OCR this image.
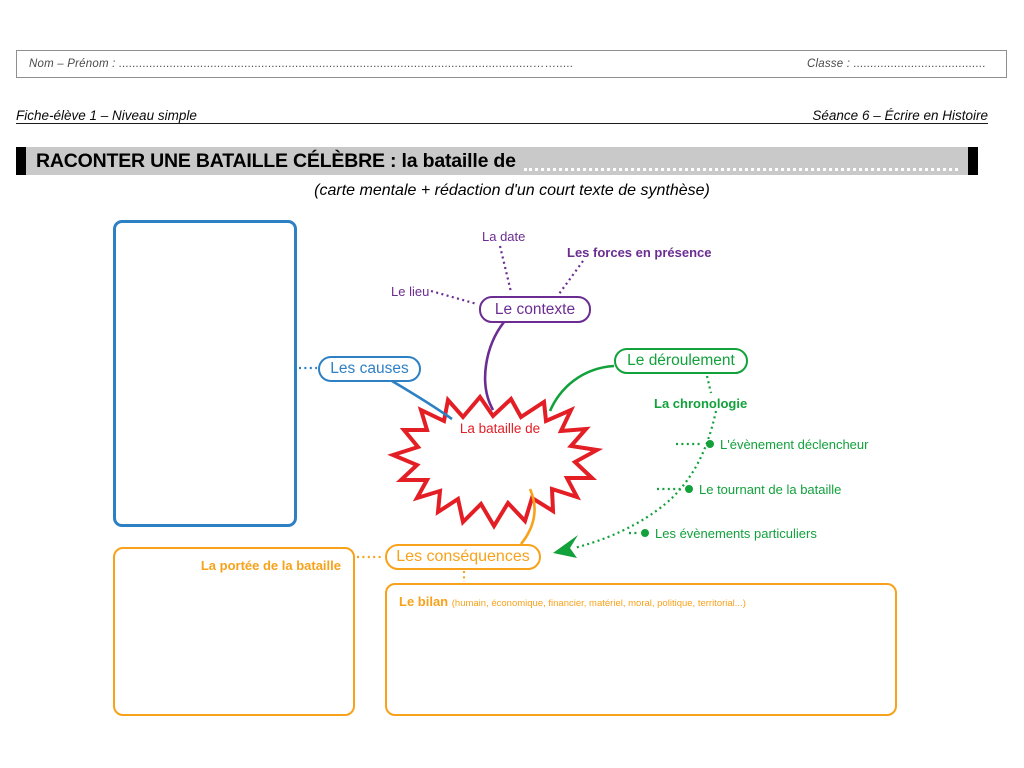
Nom – Prénom : ..........................................................................................................................…….....	Classe : .......................................
Fiche-élève 1 – Niveau simple	Séance 6 – Écrire en Histoire
RACONTER UNE BATAILLE CÉLÈBRE : la bataille de
(carte mentale + rédaction d'un court texte de synthèse)
Le contexte
Les causes	Le déroulement
Les conséquences
La portée de la bataille
Le bilan (humain, économique, financier, matériel, moral, politique, territorial...)
La date
Les forces en présence
Le lieu
La chronologie
La bataille de
L'évènement déclencheur
Le tournant de la bataille
Les évènements particuliers
